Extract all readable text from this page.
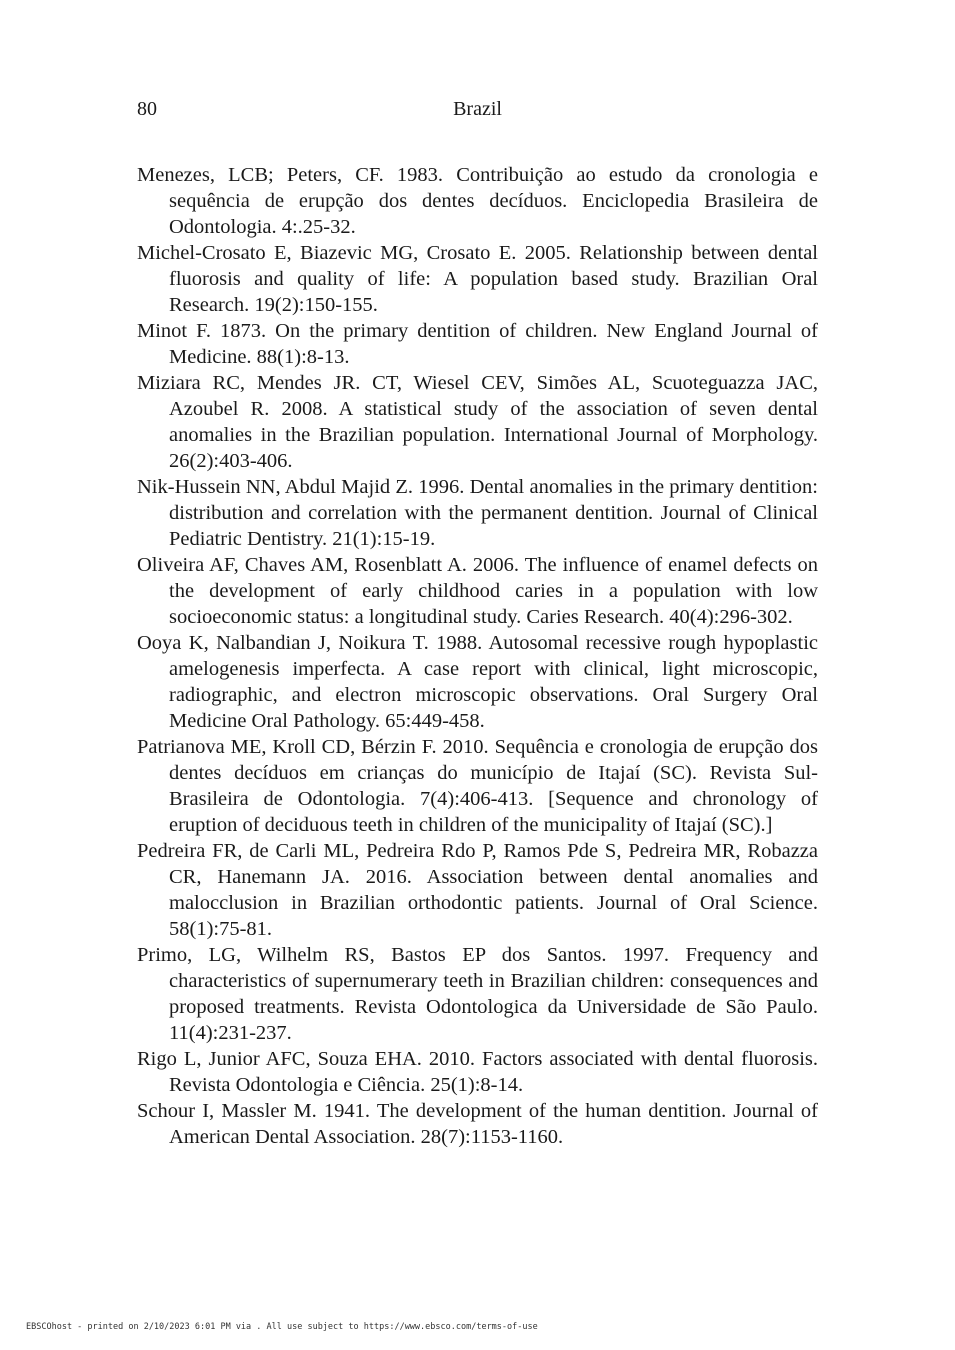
80	Brazil
Menezes, LCB; Peters, CF. 1983. Contribuição ao estudo da cronologia e sequência de erupção dos dentes decíduos. Enciclopedia Brasileira de Odontologia. 4:.25-32.
Michel-Crosato E, Biazevic MG, Crosato E. 2005. Relationship between dental fluorosis and quality of life: A population based study. Brazilian Oral Research. 19(2):150-155.
Minot F. 1873. On the primary dentition of children. New England Journal of Medicine. 88(1):8-13.
Miziara RC, Mendes JR. CT, Wiesel CEV, Simões AL, Scuoteguazza JAC, Azoubel R. 2008. A statistical study of the association of seven dental anomalies in the Brazilian population. International Journal of Morphology. 26(2):403-406.
Nik-Hussein NN, Abdul Majid Z. 1996. Dental anomalies in the primary dentition: distribution and correlation with the permanent dentition. Journal of Clinical Pediatric Dentistry. 21(1):15-19.
Oliveira AF, Chaves AM, Rosenblatt A. 2006. The influence of enamel defects on the development of early childhood caries in a population with low socioeconomic status: a longitudinal study. Caries Research. 40(4):296-302.
Ooya K, Nalbandian J, Noikura T. 1988. Autosomal recessive rough hypoplastic amelogenesis imperfecta. A case report with clinical, light microscopic, radiographic, and electron microscopic observations. Oral Surgery Oral Medicine Oral Pathology. 65:449-458.
Patrianova ME, Kroll CD, Bérzin F. 2010. Sequência e cronologia de erupção dos dentes decíduos em crianças do município de Itajaí (SC). Revista Sul-Brasileira de Odontologia. 7(4):406-413. [Sequence and chronology of eruption of deciduous teeth in children of the municipality of Itajaí (SC).]
Pedreira FR, de Carli ML, Pedreira Rdo P, Ramos Pde S, Pedreira MR, Robazza CR, Hanemann JA. 2016. Association between dental anomalies and malocclusion in Brazilian orthodontic patients. Journal of Oral Science. 58(1):75-81.
Primo, LG, Wilhelm RS, Bastos EP dos Santos. 1997. Frequency and characteristics of supernumerary teeth in Brazilian children: consequences and proposed treatments. Revista Odontologica da Universidade de São Paulo. 11(4):231-237.
Rigo L, Junior AFC, Souza EHA. 2010. Factors associated with dental fluorosis. Revista Odontologia e Ciência. 25(1):8-14.
Schour I, Massler M. 1941. The development of the human dentition. Journal of American Dental Association. 28(7):1153-1160.
EBSCOhost - printed on 2/10/2023 6:01 PM via . All use subject to https://www.ebsco.com/terms-of-use
